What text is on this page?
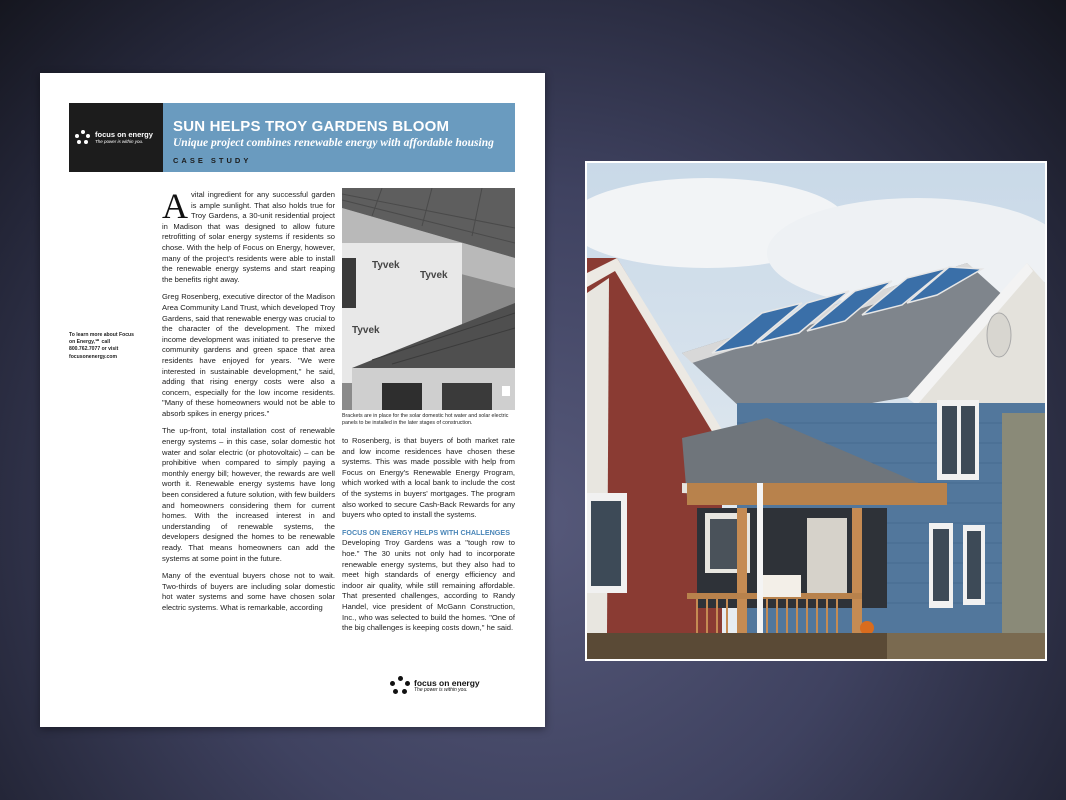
focus on energy
The power is within you.
SUN HELPS TROY GARDENS BLOOM
Unique project combines renewable energy with affordable housing
CASE STUDY
To learn more about Focus on Energy,℠ call 800.762.7077 or visit focusonenergy.com

Avital ingredient for any successful garden is ample sunlight. That also holds true for Troy Gardens, a 30-unit residential project in Madison that was designed to allow future retrofitting of solar energy systems if residents so chose. With the help of Focus on Energy, however, many of the project's residents were able to install the renewable energy systems and start reaping the benefits right away.

Greg Rosenberg, executive director of the Madison Area Community Land Trust, which developed Troy Gardens, said that renewable energy was crucial to the character of the development. The mixed income development was initiated to preserve the community gardens and green space that area residents have enjoyed for years. "We were interested in sustainable development," he said, adding that rising energy costs were also a concern, especially for the low income residents. "Many of these homeowners would not be able to absorb spikes in energy prices."

The up-front, total installation cost of renewable energy systems – in this case, solar domestic hot water and solar electric (or photovoltaic) – can be prohibitive when compared to simply paying a monthly energy bill; however, the rewards are well worth it. Renewable energy systems have long been considered a future solution, with few builders and homeowners considering them for current homes. With the increased interest in and understanding of renewable systems, the developers designed the homes to be renewable ready. That means homeowners can add the systems at some point in the future.

Many of the eventual buyers chose not to wait. Two-thirds of buyers are including solar domestic hot water systems and some have chosen solar electric systems. What is remarkable, according

Tyvek
Tyvek
Tyvek
Brackets are in place for the solar domestic hot water and solar electric panels to be installed in the later stages of construction.

to Rosenberg, is that buyers of both market rate and low income residences have chosen these systems. This was made possible with help from Focus on Energy's Renewable Energy Program, which worked with a local bank to include the cost of the systems in buyers' mortgages. The program also worked to secure Cash-Back Rewards for any buyers who opted to install the systems.

FOCUS ON ENERGY HELPS WITH CHALLENGES

Developing Troy Gardens was a "tough row to hoe." The 30 units not only had to incorporate renewable energy systems, but they also had to meet high standards of energy efficiency and indoor air quality, while still remaining affordable. That presented challenges, according to Randy Handel, vice president of McGann Construction, Inc., who was selected to build the homes. "One of the big challenges is keeping costs down," he said.

focus on energy
The power is within you.
